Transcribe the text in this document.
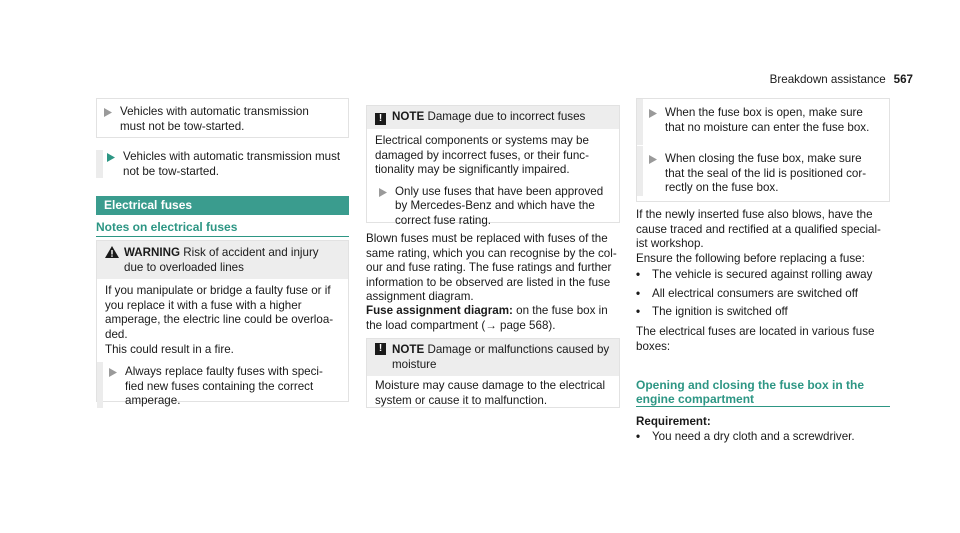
Breakdown assistance 567
Vehicles with automatic transmission must not be tow-started.
Vehicles with automatic transmission must not be tow-started.
Electrical fuses
Notes on electrical fuses
WARNING Risk of accident and injury due to overloaded lines
If you manipulate or bridge a faulty fuse or if you replace it with a fuse with a higher amperage, the electric line could be overloa- ded.
This could result in a fire.
Always replace faulty fuses with speci- fied new fuses containing the correct amperage.
! NOTE Damage due to incorrect fuses
Electrical components or systems may be damaged by incorrect fuses, or their func- tionality may be significantly impaired.
Only use fuses that have been approved by Mercedes-Benz and which have the correct fuse rating.
Blown fuses must be replaced with fuses of the same rating, which you can recognise by the col- our and fuse rating. The fuse ratings and further information to be observed are listed in the fuse assignment diagram.
Fuse assignment diagram: on the fuse box in the load compartment (→ page 568).
! NOTE Damage or malfunctions caused by moisture
Moisture may cause damage to the electrical system or cause it to malfunction.
When the fuse box is open, make sure that no moisture can enter the fuse box.
When closing the fuse box, make sure that the seal of the lid is positioned cor- rectly on the fuse box.
If the newly inserted fuse also blows, have the cause traced and rectified at a qualified special- ist workshop.
Ensure the following before replacing a fuse:
•	The vehicle is secured against rolling away
•	All electrical consumers are switched off
•	The ignition is switched off
The electrical fuses are located in various fuse boxes:
Opening and closing the fuse box in the engine compartment
Requirement:
•	You need a dry cloth and a screwdriver.
